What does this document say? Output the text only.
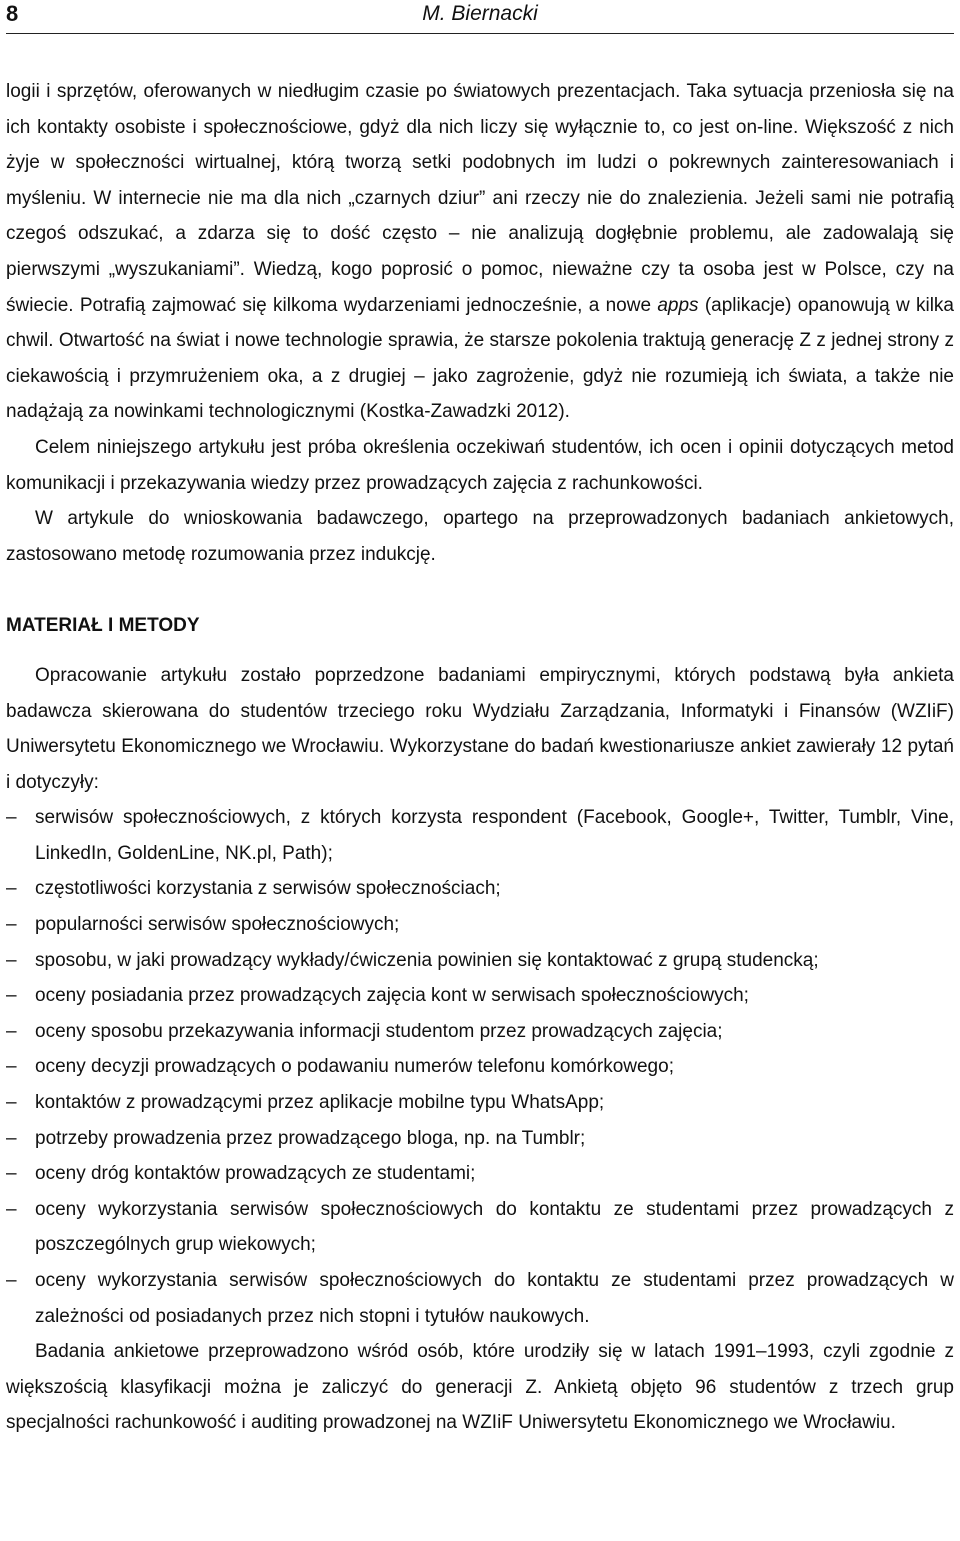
8	M. Biernacki

logii i sprzętów, oferowanych w niedługim czasie po światowych prezentacjach. Taka sytuacja przeniosła się na ich kontakty osobiste i społecznościowe, gdyż dla nich liczy się wyłącznie to, co jest on-line. Większość z nich żyje w społeczności wirtualnej, którą tworzą setki podobnych im ludzi o pokrewnych zainteresowaniach i myśleniu. W internecie nie ma dla nich „czarnych dziur” ani rzeczy nie do znalezienia. Jeżeli sami nie potrafią czegoś odszukać, a zdarza się to dość często – nie analizują dogłębnie problemu, ale zadowalają się pierwszymi „wyszukaniami”. Wiedzą, kogo poprosić o pomoc, nieważne czy ta osoba jest w Polsce, czy na świecie. Potrafią zajmować się kilkoma wydarzeniami jednocześnie, a nowe apps (aplikacje) opanowują w kilka chwil. Otwartość na świat i nowe technologie sprawia, że starsze pokolenia traktują generację Z z jednej strony z ciekawością i przymrużeniem oka, a z drugiej – jako zagrożenie, gdyż nie rozumieją ich świata, a także nie nadążają za nowinkami technologicznymi (Kostka-Zawadzki 2012).

Celem niniejszego artykułu jest próba określenia oczekiwań studentów, ich ocen i opinii dotyczących metod komunikacji i przekazywania wiedzy przez prowadzących zajęcia z rachunkowości.

W artykule do wnioskowania badawczego, opartego na przeprowadzonych badaniach ankietowych, zastosowano metodę rozumowania przez indukcję.

MATERIAŁ I METODY

Opracowanie artykułu zostało poprzedzone badaniami empirycznymi, których podstawą była ankieta badawcza skierowana do studentów trzeciego roku Wydziału Zarządzania, Informatyki i Finansów (WZIiF) Uniwersytetu Ekonomicznego we Wrocławiu. Wykorzystane do badań kwestionariusze ankiet zawierały 12 pytań i dotyczyły:

– serwisów społecznościowych, z których korzysta respondent (Facebook, Google+, Twitter, Tumblr, Vine, LinkedIn, GoldenLine, NK.pl, Path);
– częstotliwości korzystania z serwisów społecznościach;
– popularności serwisów społecznościowych;
– sposobu, w jaki prowadzący wykłady/ćwiczenia powinien się kontaktować z grupą studencką;
– oceny posiadania przez prowadzących zajęcia kont w serwisach społecznościowych;
– oceny sposobu przekazywania informacji studentom przez prowadzących zajęcia;
– oceny decyzji prowadzących o podawaniu numerów telefonu komórkowego;
– kontaktów z prowadzącymi przez aplikacje mobilne typu WhatsApp;
– potrzeby prowadzenia przez prowadzącego bloga, np. na Tumblr;
– oceny dróg kontaktów prowadzących ze studentami;
– oceny wykorzystania serwisów społecznościowych do kontaktu ze studentami przez prowadzących z poszczególnych grup wiekowych;
– oceny wykorzystania serwisów społecznościowych do kontaktu ze studentami przez prowadzących w zależności od posiadanych przez nich stopni i tytułów naukowych.

Badania ankietowe przeprowadzono wśród osób, które urodziły się w latach 1991–1993, czyli zgodnie z większością klasyfikacji można je zaliczyć do generacji Z. Ankietą objęto 96 studentów z trzech grup specjalności rachunkowość i auditing prowadzonej na WZIiF Uniwersytetu Ekonomicznego we Wrocławiu.
